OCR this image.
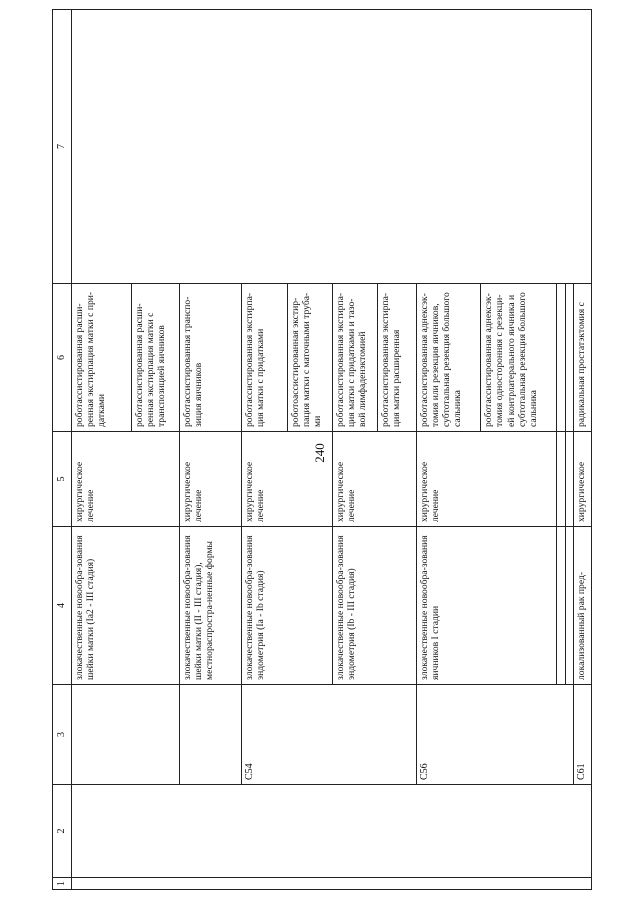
240
1	2	3	4	5	6	7
			злокачественные новообра-зования шейки матки (Ia2 - III стадия)	хирургическое лечение	роботассистированная расши-ренная экстирпация матки с при-датками	
					роботассистированная расши-ренная экстирпация матки с транспозицией яичников	
			злокачественные новообра-зования шейки матки (II - III стадия), местнораспростра-ненные формы	хирургическое лечение	роботассистированная транспо-зиция яичников	
		C54	злокачественные новообра-зования эндометрия (Ia - Ib стадия)	хирургическое лечение	роботассистированная экстирпа-ция матки с придатками	
					роботоассистированная экстир-пация матки с маточными труба-ми	
			злокачественные новообра-зования эндометрия (Ib - III стадия)	хирургическое лечение	роботассистированная экстирпа-ция матки с придатками и тазо-вой лимфаденэктомией	
					роботассистированная экстирпа-ция матки расширенная	
		C56	злокачественные новообра-зования яичников I стадии	хирургическое лечение	роботассистированная аднексэк-томия или резекция яичников, субтотальная резекция большого сальника	
					роботассистированная аднексэк-томия односторонняя с резекци-ей контрлатерального яичника и субтотальная резекция большого сальника	

		C61	локализованный рак пред-	хирургическое	радикальная простатэктомия с	
